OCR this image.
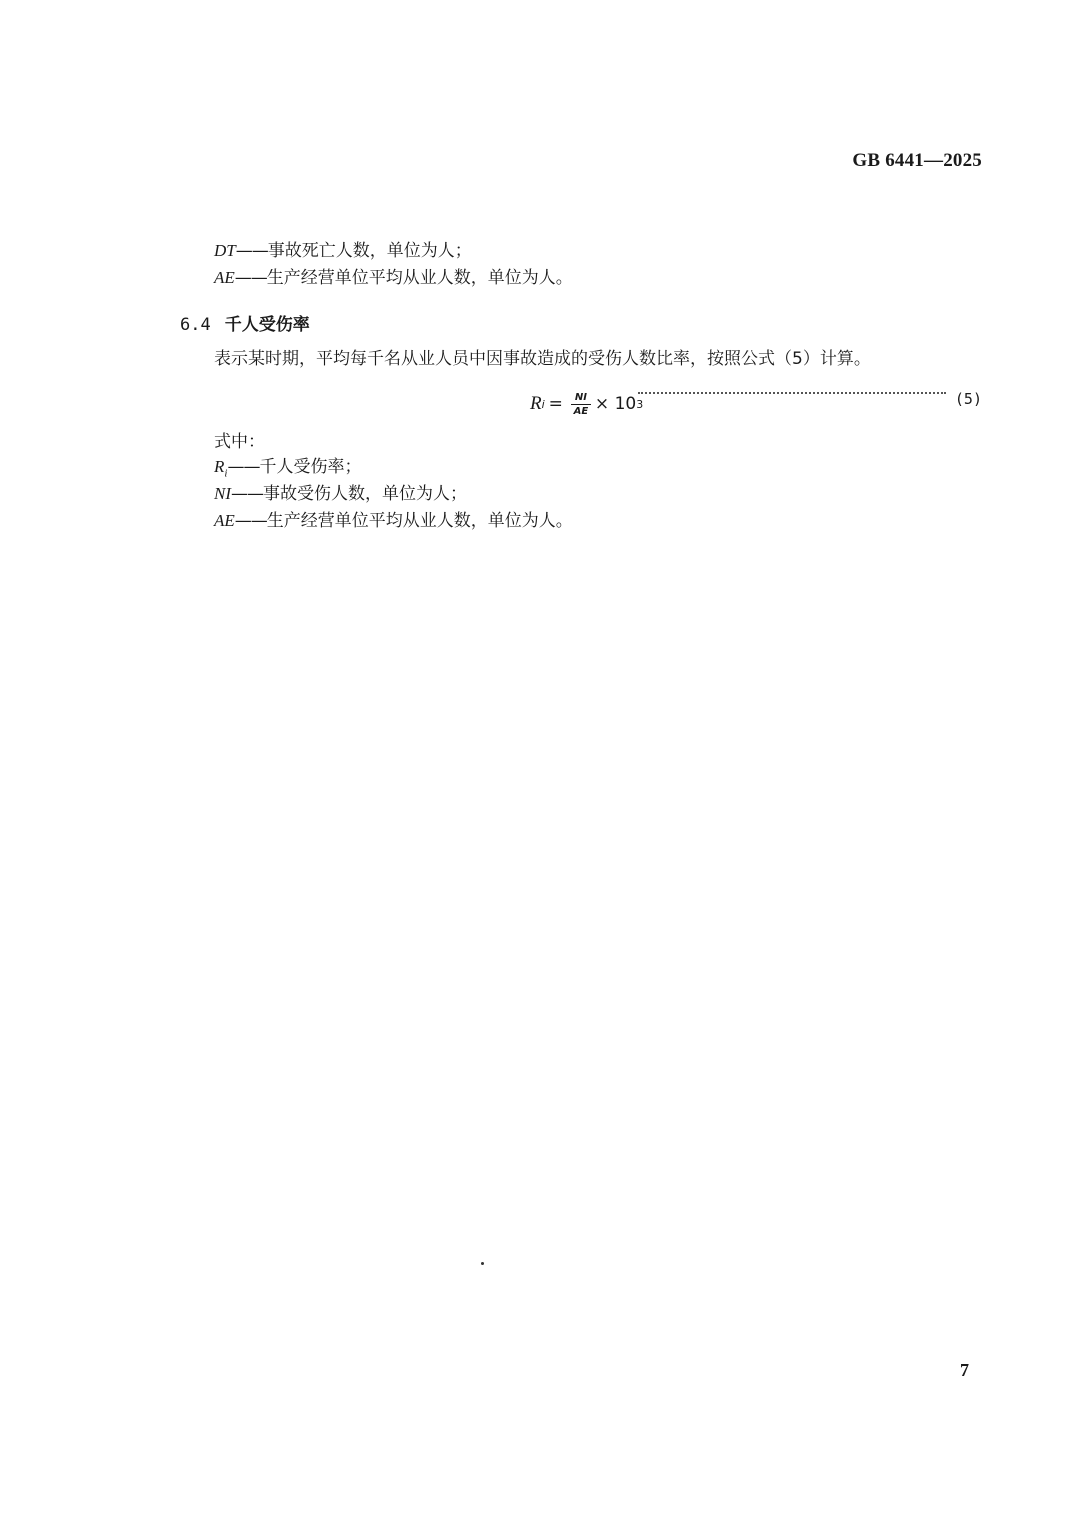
GB 6441—2025
DT——事故死亡人数，单位为人；
AE——生产经营单位平均从业人数，单位为人。
6.4 千人受伤率
表示某时期，平均每千名从业人员中因事故造成的受伤人数比率，按照公式（5）计算。
R $i = \frac{NI}{AE} \times 10$ 3	(5)
式中：
$R_i——$千人受伤率；
NI——事故受伤人数，单位为人；
AE——生产经营单位平均从业人数，单位为人。
7
